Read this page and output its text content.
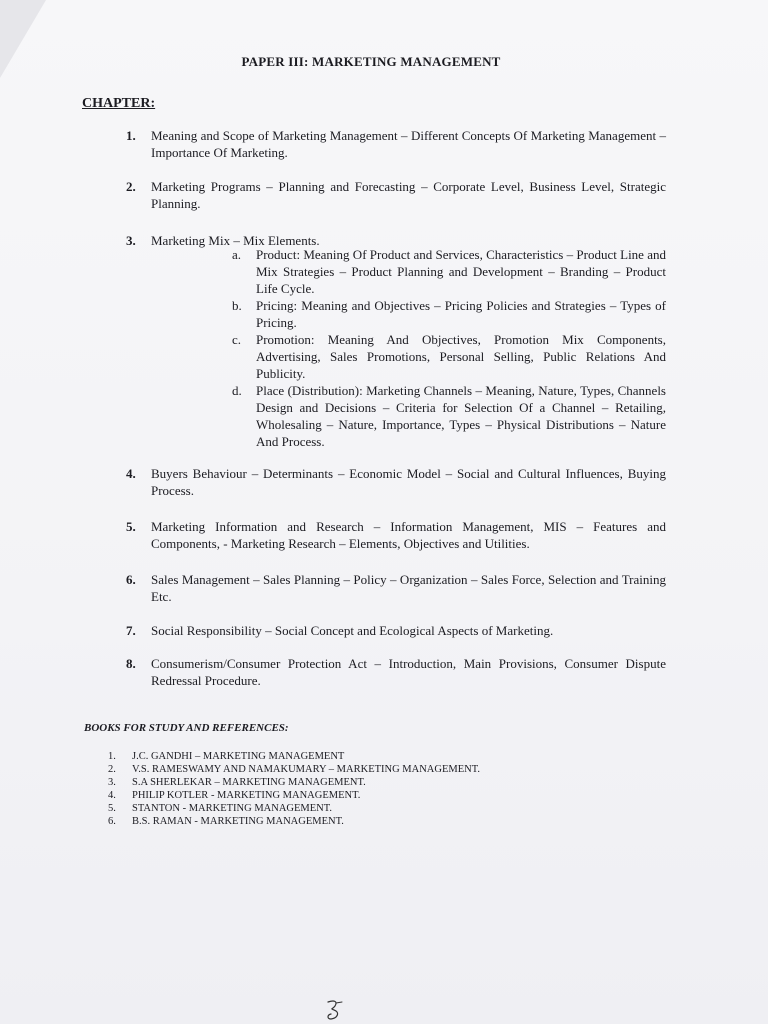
PAPER III: MARKETING MANAGEMENT
CHAPTER:
1.	Meaning and Scope of Marketing Management – Different Concepts Of Marketing Management – Importance Of Marketing.
2.	Marketing Programs – Planning and Forecasting – Corporate Level, Business Level, Strategic Planning.
3.	Marketing Mix – Mix Elements.
a.	Product: Meaning Of Product and Services, Characteristics – Product Line and Mix Strategies – Product Planning and Development – Branding – Product Life Cycle.
b.	Pricing: Meaning and Objectives – Pricing Policies and Strategies – Types of Pricing.
c.	Promotion: Meaning And Objectives, Promotion Mix Components, Advertising, Sales Promotions, Personal Selling, Public Relations And Publicity.
d.	Place (Distribution): Marketing Channels – Meaning, Nature, Types, Channels Design and Decisions – Criteria for Selection Of a Channel – Retailing, Wholesaling – Nature, Importance, Types – Physical Distributions – Nature And Process.
4.	Buyers Behaviour – Determinants – Economic Model – Social and Cultural Influences, Buying Process.
5.	Marketing Information and Research – Information Management, MIS – Features and Components, - Marketing Research – Elements, Objectives and Utilities.
6.	Sales Management – Sales Planning – Policy – Organization – Sales Force, Selection and Training Etc.
7.	Social Responsibility – Social Concept and Ecological Aspects of Marketing.
8.	Consumerism/Consumer Protection Act – Introduction, Main Provisions, Consumer Dispute Redressal Procedure.
BOOKS FOR STUDY AND REFERENCES:
1.	J.C. GANDHI – MARKETING MANAGEMENT
2.	V.S. RAMESWAMY AND NAMAKUMARY – MARKETING MANAGEMENT.
3.	S.A SHERLEKAR – MARKETING MANAGEMENT.
4.	PHILIP KOTLER - MARKETING MANAGEMENT.
5.	STANTON - MARKETING MANAGEMENT.
6.	B.S. RAMAN - MARKETING MANAGEMENT.
